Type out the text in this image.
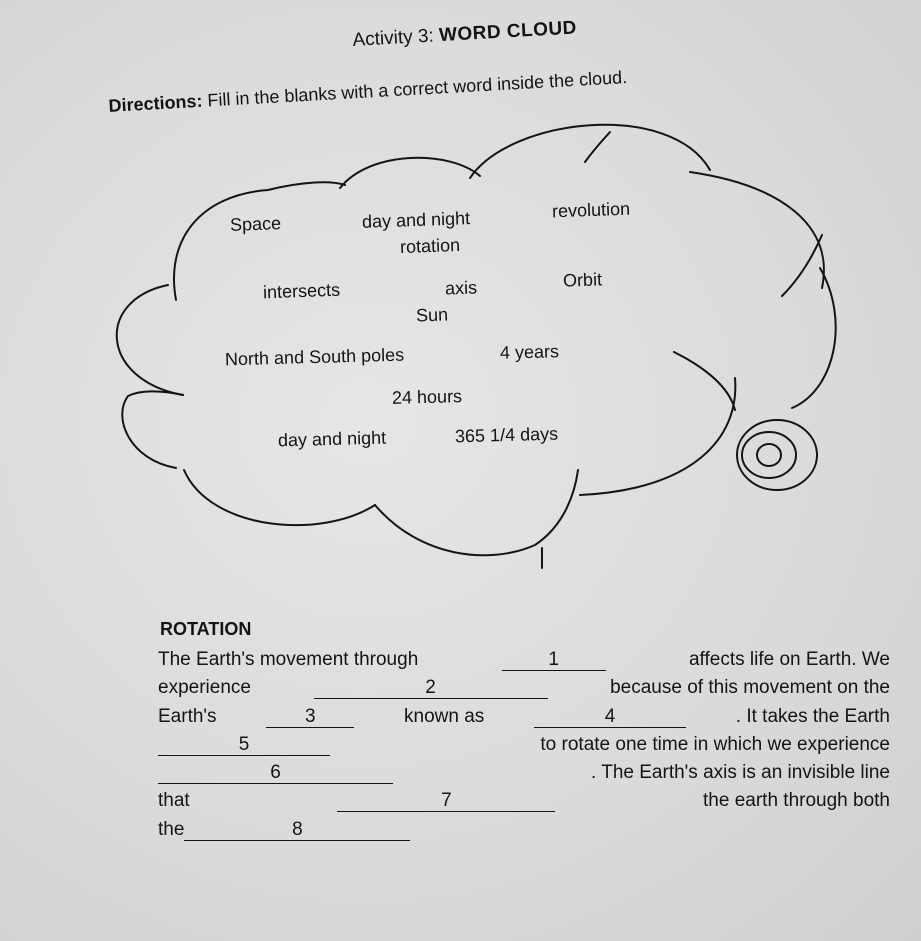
Activity 3: WORD CLOUD
Directions: Fill in the blanks with a correct word inside the cloud.
Space	day and night	revolution
rotation
intersects	axis	Orbit
Sun
North and South poles	4 years
24 hours
day and night	365 1/4 days
ROTATION
The Earth's movement through	1	affects life on Earth. We
experience	2	because of this movement on the
Earth's	3	known as	4	. It takes the Earth
5	to rotate one time in which we experience
6	. The Earth's axis is an invisible line
that	7	the earth through both
the	8
